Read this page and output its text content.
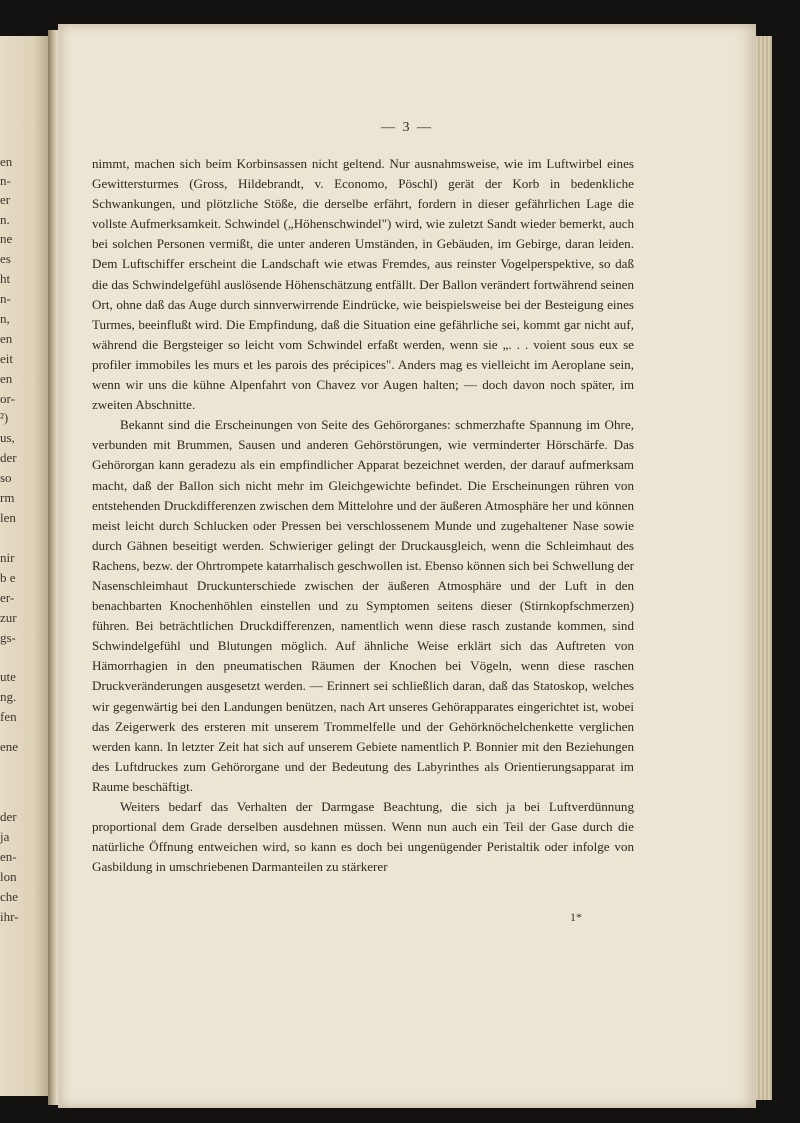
en
n-
er
n.
ne
es
ht
n-
n,
en
eit
en
or-
²)
us,
der
so
rm
len
nir
b e
er-
zur
gs-
ute
ng.
fen
ene
der
ja
en-
lon
che
ihr-
— 3 —

nimmt, machen sich beim Korbinsassen nicht geltend. Nur ausnahmsweise, wie im Luftwirbel eines Gewittersturmes (Gross, Hildebrandt, v. Economo, Pöschl) gerät der Korb in bedenkliche Schwankungen, und plötzliche Stöße, die derselbe erfährt, fordern in dieser gefährlichen Lage die vollste Aufmerksamkeit. Schwindel („Höhenschwindel") wird, wie zuletzt Sandt wieder bemerkt, auch bei solchen Personen vermißt, die unter anderen Umständen, in Gebäuden, im Gebirge, daran leiden. Dem Luftschiffer erscheint die Landschaft wie etwas Fremdes, aus reinster Vogelperspektive, so daß die das Schwindelgefühl auslösende Höhenschätzung entfällt. Der Ballon verändert fortwährend seinen Ort, ohne daß das Auge durch sinnverwirrende Eindrücke, wie beispielsweise bei der Besteigung eines Turmes, beeinflußt wird. Die Empfindung, daß die Situation eine gefährliche sei, kommt gar nicht auf, während die Bergsteiger so leicht vom Schwindel erfaßt werden, wenn sie „. . . voient sous eux se profiler immobiles les murs et les parois des précipices". Anders mag es vielleicht im Aeroplane sein, wenn wir uns die kühne Alpenfahrt von Chavez vor Augen halten; — doch davon noch später, im zweiten Abschnitte.

Bekannt sind die Erscheinungen von Seite des Gehörorganes: schmerzhafte Spannung im Ohre, verbunden mit Brummen, Sausen und anderen Gehörstörungen, wie verminderter Hörschärfe. Das Gehörorgan kann geradezu als ein empfindlicher Apparat bezeichnet werden, der darauf aufmerksam macht, daß der Ballon sich nicht mehr im Gleichgewichte befindet. Die Erscheinungen rühren von entstehenden Druckdifferenzen zwischen dem Mittelohre und der äußeren Atmosphäre her und können meist leicht durch Schlucken oder Pressen bei verschlossenem Munde und zugehaltener Nase sowie durch Gähnen beseitigt werden. Schwieriger gelingt der Druckausgleich, wenn die Schleimhaut des Rachens, bezw. der Ohrtrompete katarrhalisch geschwollen ist. Ebenso können sich bei Schwellung der Nasenschleimhaut Druckunterschiede zwischen der äußeren Atmosphäre und der Luft in den benachbarten Knochenhöhlen einstellen und zu Symptomen seitens dieser (Stirnkopfschmerzen) führen. Bei beträchtlichen Druckdifferenzen, namentlich wenn diese rasch zustande kommen, sind Schwindelgefühl und Blutungen möglich. Auf ähnliche Weise erklärt sich das Auftreten von Hämorrhagien in den pneumatischen Räumen der Knochen bei Vögeln, wenn diese raschen Druckveränderungen ausgesetzt werden. — Erinnert sei schließlich daran, daß das Statoskop, welches wir gegenwärtig bei den Landungen benützen, nach Art unseres Gehörapparates eingerichtet ist, wobei das Zeigerwerk des ersteren mit unserem Trommelfelle und der Gehörknöchelchenkette verglichen werden kann. In letzter Zeit hat sich auf unserem Gebiete namentlich P. Bonnier mit den Beziehungen des Luftdruckes zum Gehörorgane und der Bedeutung des Labyrinthes als Orientierungsapparat im Raume beschäftigt.

Weiters bedarf das Verhalten der Darmgase Beachtung, die sich ja bei Luftverdünnung proportional dem Grade derselben ausdehnen müssen. Wenn nun auch ein Teil der Gase durch die natürliche Öffnung entweichen wird, so kann es doch bei ungenügender Peristaltik oder infolge von Gasbildung in umschriebenen Darmanteilen zu stärkerer

1*
